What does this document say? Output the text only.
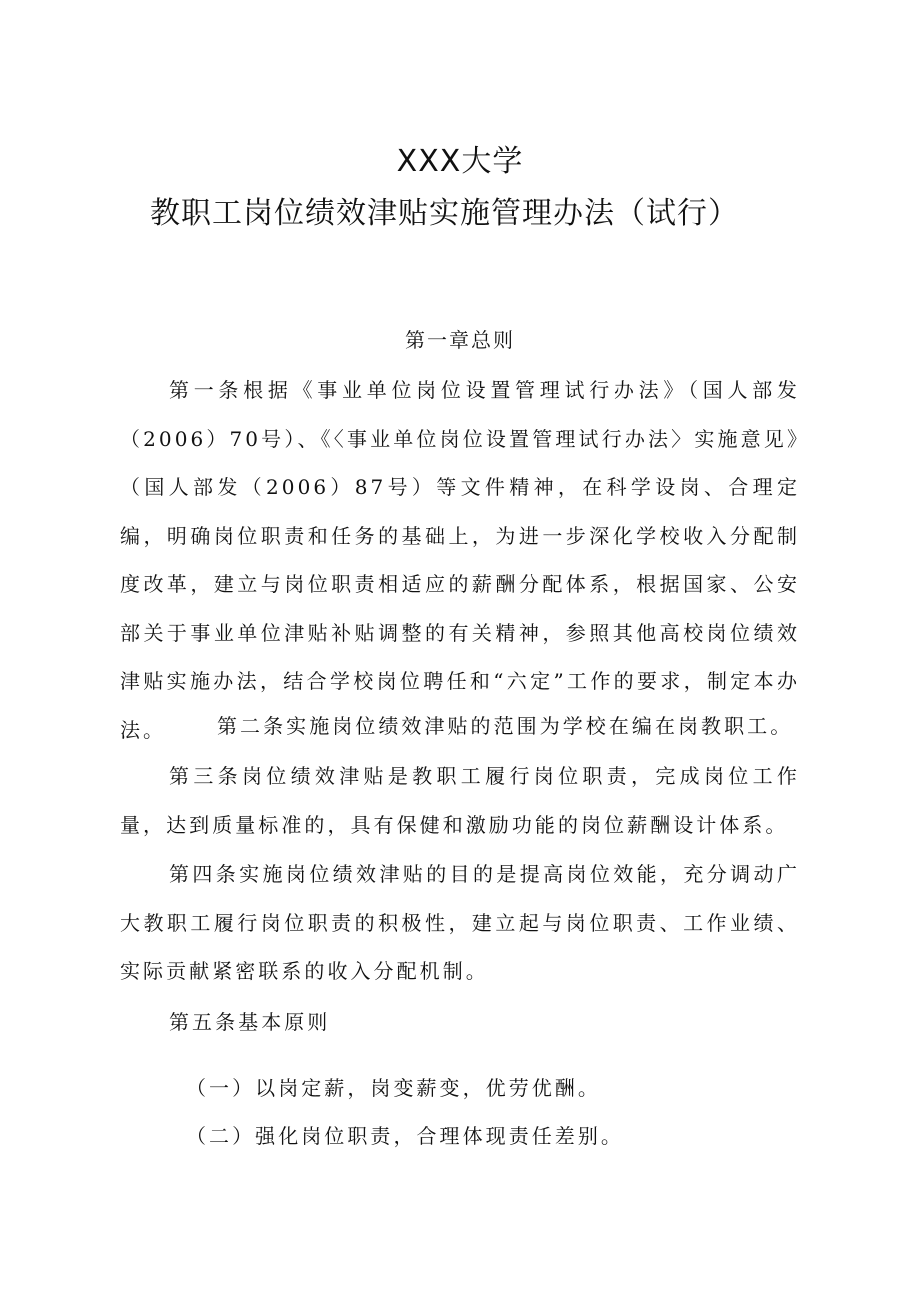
XXX大学
教职工岗位绩效津贴实施管理办法（试行）
第一章总则

第一条根据《事业单位岗位设置管理试行办法》（国人部发（2006）70号）、《〈事业单位岗位设置管理试行办法〉实施意见》（国人部发（2006）87号）等文件精神，在科学设岗、合理定编，明确岗位职责和任务的基础上，为进一步深化学校收入分配制度改革，建立与岗位职责相适应的薪酬分配体系，根据国家、公安部关于事业单位津贴补贴调整的有关精神，参照其他高校岗位绩效津贴实施办法，结合学校岗位聘任和“六定”工作的要求，制定本办法。	第二条实施岗位绩效津贴的范围为学校在编在岗教职工。

第三条岗位绩效津贴是教职工履行岗位职责，完成岗位工作量，达到质量标准的，具有保健和激励功能的岗位薪酬设计体系。

第四条实施岗位绩效津贴的目的是提高岗位效能，充分调动广大教职工履行岗位职责的积极性，建立起与岗位职责、工作业绩、实际贡献紧密联系的收入分配机制。

第五条基本原则

（一）以岗定薪，岗变薪变，优劳优酬。

（二）强化岗位职责，合理体现责任差别。
